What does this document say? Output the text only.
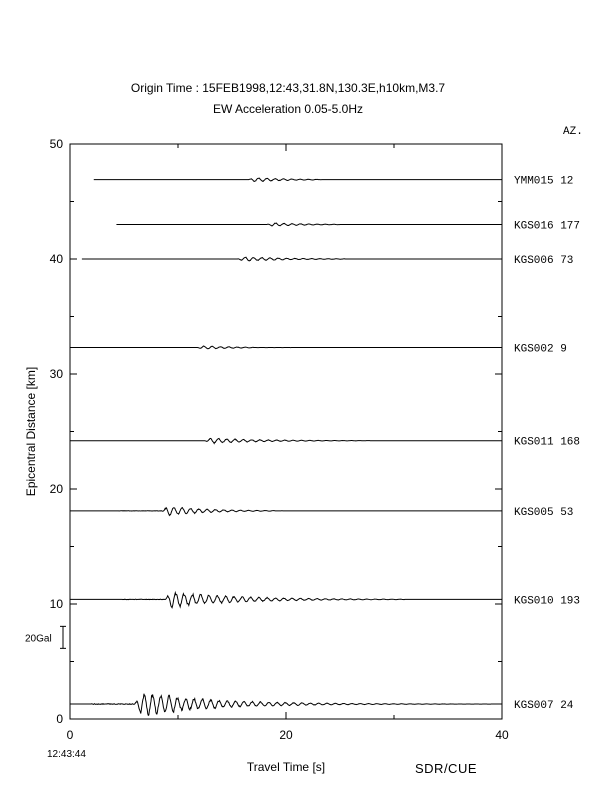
Origin Time : 15FEB1998,12:43,31.8N,130.3E,h10km,M3.7
EW Acceleration 0.05-5.0Hz
AZ.
12:43:44
SDR/CUE
0
10
20
30
40
50
0	20	40
Travel Time [s]
Epicentral Distance [km]
20Gal
YMM015 12
KGS016 177
KGS006 73
KGS002 9
KGS011 168
KGS005 53
KGS010 193
KGS007 24
